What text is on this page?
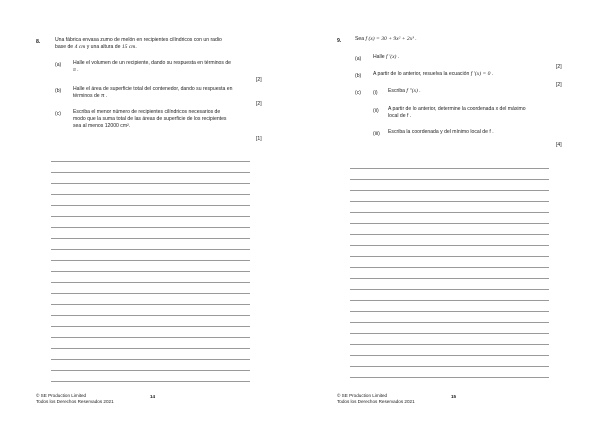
8.	Una fábrica envasa zumo de melón en recipientes cilíndricos con un radio
base de 4 cm y una altura de 15 cm.
(a) Halle el volumen de un recipiente, dando su respuesta en términos de
π .
[2]
(b) Halle el área de superficie total del contenedor, dando su respuesta en
términos de π .
[2]
(c) Escriba el menor número de recipientes cilíndricos necesarios de
modo que la suma total de las áreas de superficie de los recipientes
sea al menos 12000 cm².
[1]
© SE Production Limited
Todos los Derechos Reservados 2021
14
9.	Sea f (x) = 30 + 9x² + 2x³ .
(a) Halle f ′(x) .
[2]
(b) A partir de lo anterior, resuelva la ecuación f ′(x) = 0 .
[2]
(c) (i) Escriba f ″(x) .
(ii) A partir de lo anterior, determine la coordenada x del máximo
local de f .
(iii) Escriba la coordenada y del mínimo local de f .
[4]
© SE Production Limited
Todos los Derechos Reservados 2021
15
